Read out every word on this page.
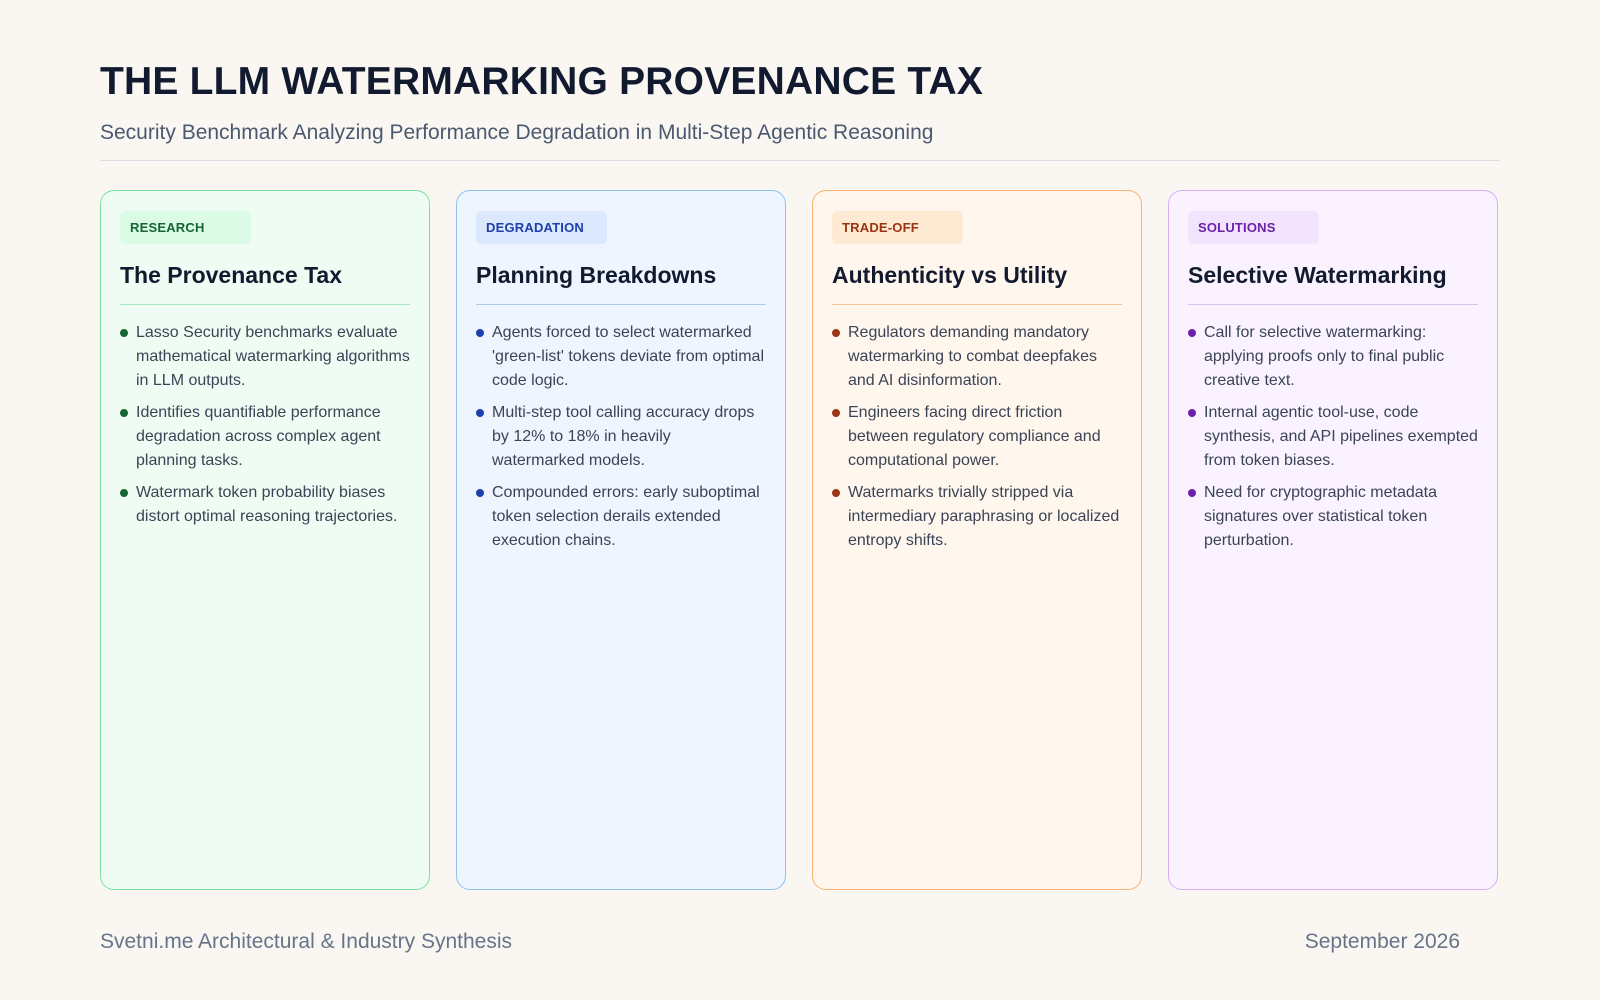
THE LLM WATERMARKING PROVENANCE TAX

Security Benchmark Analyzing Performance Degradation in Multi-Step Agentic Reasoning

RESEARCH
The Provenance Tax
Lasso Security benchmarks evaluate mathematical watermarking algorithms in LLM outputs.
Identifies quantifiable performance degradation across complex agent planning tasks.
Watermark token probability biases distort optimal reasoning trajectories.
DEGRADATION
Planning Breakdowns
Agents forced to select watermarked 'green-list' tokens deviate from optimal code logic.
Multi-step tool calling accuracy drops by 12% to 18% in heavily watermarked models.
Compounded errors: early suboptimal token selection derails extended execution chains.
TRADE-OFF
Authenticity vs Utility
Regulators demanding mandatory watermarking to combat deepfakes and AI disinformation.
Engineers facing direct friction between regulatory compliance and computational power.
Watermarks trivially stripped via intermediary paraphrasing or localized entropy shifts.
SOLUTIONS
Selective Watermarking
Call for selective watermarking: applying proofs only to final public creative text.
Internal agentic tool-use, code synthesis, and API pipelines exempted from token biases.
Need for cryptographic metadata signatures over statistical token perturbation.

Svetni.me Architectural & Industry Synthesis	September 2026
